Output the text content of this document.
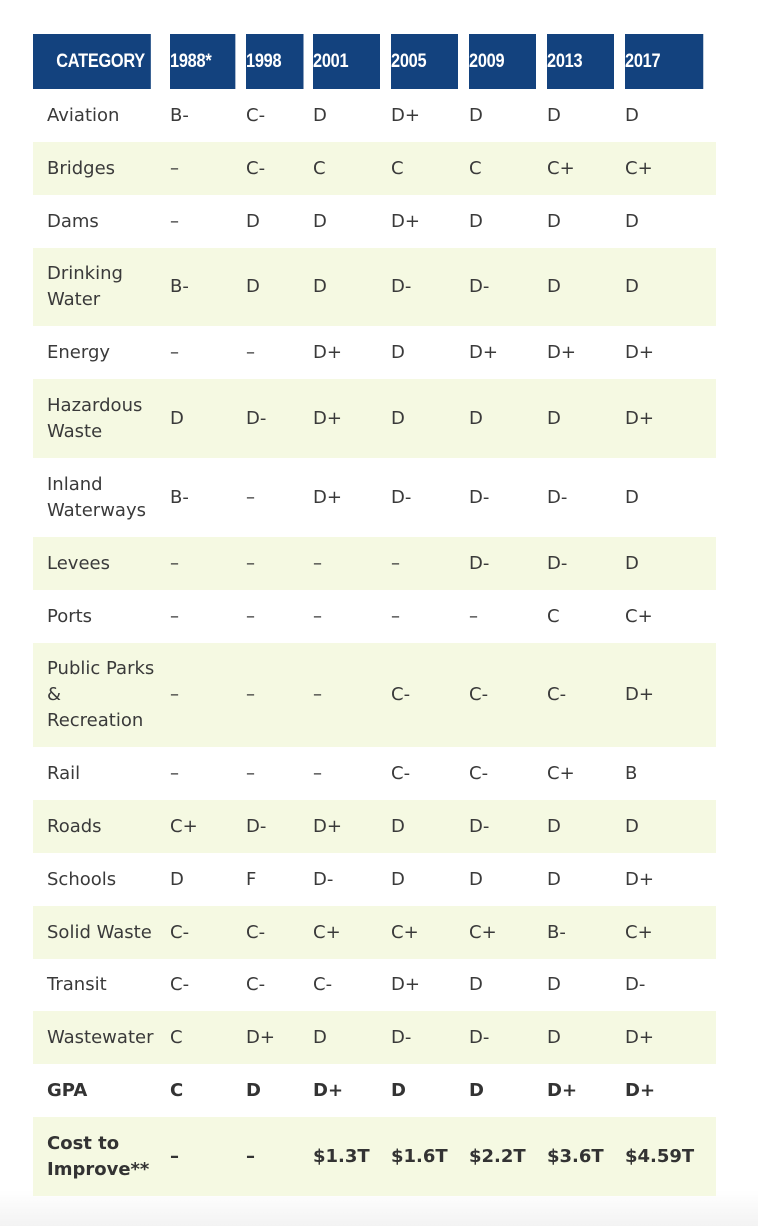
CATEGORY	1988*	1998	2001	2005	2009	2013	2017
Aviation	B-	C-	D	D+	D	D	D
Bridges	–	C-	C	C	C	C+	C+
Dams	–	D	D	D+	D	D	D
Drinking Water	B-	D	D	D-	D-	D	D
Energy	–	–	D+	D	D+	D+	D+
Hazardous Waste	D	D-	D+	D	D	D	D+
Inland Waterways	B-	–	D+	D-	D-	D-	D
Levees	–	–	–	–	D-	D-	D
Ports	–	–	–	–	–	C	C+
Public Parks & Recreation	–	–	–	C-	C-	C-	D+
Rail	–	–	–	C-	C-	C+	B
Roads	C+	D-	D+	D	D-	D	D
Schools	D	F	D-	D	D	D	D+
Solid Waste	C-	C-	C+	C+	C+	B-	C+
Transit	C-	C-	C-	D+	D	D	D-
Wastewater	C	D+	D	D-	D-	D	D+
GPA	C	D	D+	D	D	D+	D+
Cost to Improve**	–	–	$1.3T	$1.6T	$2.2T	$3.6T	$4.59T
